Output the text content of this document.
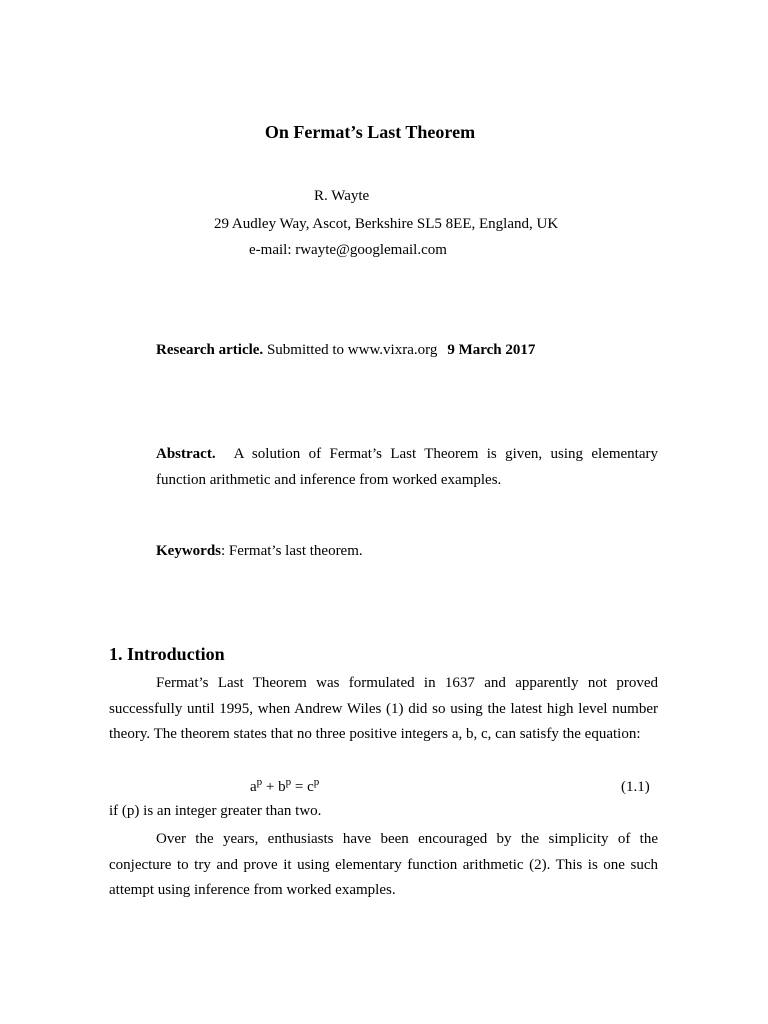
On Fermat’s Last Theorem
R. Wayte
29 Audley Way, Ascot, Berkshire SL5 8EE, England, UK
e-mail: rwayte@googlemail.com
Research article. Submitted to www.vixra.org 9 March 2017

Abstract. A solution of Fermat’s Last Theorem is given, using elementary function arithmetic and inference from worked examples.

Keywords: Fermat’s last theorem.
1. Introduction

Fermat’s Last Theorem was formulated in 1637 and apparently not proved successfully until 1995, when Andrew Wiles (1) did so using the latest high level number theory. The theorem states that no three positive integers a, b, c, can satisfy the equation:

$a^p + b^p = c^p$	(1.1)
if (p) is an integer greater than two.

Over the years, enthusiasts have been encouraged by the simplicity of the conjecture to try and prove it using elementary function arithmetic (2). This is one such attempt using inference from worked examples.
